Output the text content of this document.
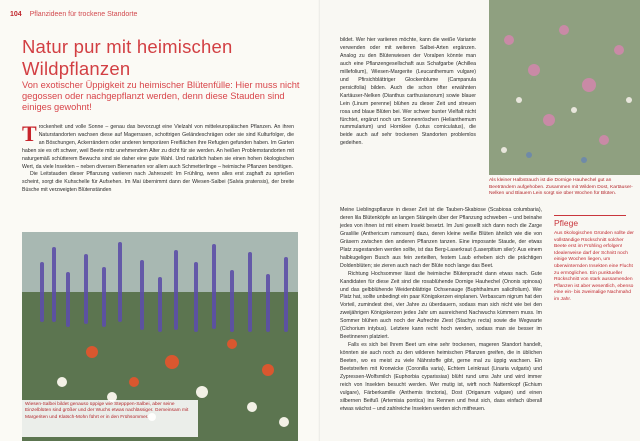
104 Pflanzideen für trockene Standorte
Natur pur mit heimischen
Wildpflanzen

Von exotischer Üppigkeit zu heimischer Blütenfülle: Hier muss nicht gegossen oder nachgepflanzt werden, denn diese Stauden sind einiges gewohnt!

Trockenheit und volle Sonne – genau das bevorzugt eine Vielzahl von mitteleuropäischen Pflanzen. An ihren Naturstandorten wachsen diese auf Magerrasen, schottrigen Geländeschrägen oder sie sind Kulturfolger, die an Böschungen, Ackerrändern oder anderen temporären Freiflächen ihre Refugien gefunden haben. Im Garten haben sie es oft schwer, weil Beete mitz unehmendem Alter zu dicht für sie werden. An heißen Problemstandorten mit naturgemäß schütterem Bewuchs sind sie daher eine gute Wahl. Und natürlich haben sie einen hohen ökologischen Wert, da viele Insekten – neben diversen Bienenarten vor allem auch Schmetterlinge – heimische Pflanzen benötigen.

Die Leitstauden dieser Pflanzung variieren nach Jahreszeit: Im Frühling, wenn alles erst zaghaft zu sprießen scheint, sorgt die Kuhschelle für Aufsehen. Im Mai übernimmt dann der Wiesen-Salbei (Salvia pratensis), der breite Büsche mit verzweigten Blütenständen

Wiesen-Salbei bildet genauso üppige wie Stepppen-Salbei, aber seine Einzelblüten sind größer und der Wuchs etwas nachlässiger. Gemeinsam mit Margeriten und Klatsch-Mohn führt er in den Frühsommer.

bildet. Wer hier variieren möchte, kann die weiße Variante verwenden oder mit weiteren Salbei-Arten ergänzen. Analog zu den Blütenwiesen der Voralpen könnte man auch eine Pflanzengesellschaft aus Schafgarbe (Achillea millefolium), Wiesen-Margerite (Leucanthemum vulgare) und Pfirsichblättriger Glockenblume (Campanula persicifolia) bilden. Auch die schon öfter erwähnten Kartäuser-Nelken (Dianthus carthusianorum) sowie blauer Lein (Linum perenne) blühen zu dieser Zeit und streuen rosa und blaue Blüten bei. Wer schwer bunter Vielfalt nicht fürchtet, ergänzt noch um Sonnenröschen (Helianthemum nummularium) und Hornklee (Lotus corniculatus), die beide auch auf sehr trockenen Standorten problemlos gedeihen.

Als kleiner Halbstrauch ist die Dornige Hauhechel gut an Beeträndern aufgehoben. Zusammen mit Wildem Dost, Kartäuser-Nelken und Blauem Lein sorgt sie über Wochen für Blüten.

Meine Lieblingspflanze in dieser Zeit ist die Tauben-Skabiose (Scabiosa columbaria), deren lila Blütenköpfe an langen Stängeln über der Pflanzung schweben – und beinahe jedes von ihnen ist mit einem Insekt besetzt. Im Juni gesellt sich dann noch die Zarge Graslilie (Anthericum ramosum) dazu, deren kleine weiße Blüten ähnlich wie die von Gräsern zwischen den anderen Pflanzen tanzen. Eine imposante Staude, der etwas Platz zugestanden werden sollte, ist das Berg-Laserkraut (Laserpitium siler): Aus einem halbkugeligen Busch aus fein zerteilten, festem Laub erheben sich die prächtigen Doldenblüten; sie zieren auch nach der Blüte noch lange das Beet.

Richtung Hochsommer lässt die heimische Blütenpracht dann etwas nach. Gute Kandidaten für diese Zeit sind die rosablühende Dornige Hauhechel (Ononis spinosa) und das gelbblühende Weidenblättrige Ochsenauge (Buphthalmum salicifolium). Wer Platz hat, sollte unbedingt ein paar Königskerzen einplanen. Verbascum nigrum hat den Vorteil, zumindest drei, vier Jahre zu überdauern, sodass man sich nicht wie bei den zweijährigen Königskerzen jedes Jahr um ausreichend Nachwuchs kümmern muss. Im Sommer blühen auch noch der Aufrechte Ziest (Stachys recta) sowie die Wegwarte (Cichorium intybus). Letztere kann recht hoch werden, sodass man sie besser im Beetinneren platziert.

Falls es sich bei Ihrem Beet um eine sehr trockenen, mageren Standort handelt, könnten sie auch noch zu den wilderen heimischen Pflanzen greifen, die in üblichen Beeten, wo es meist zu viele Nährstoffe gibt, gerne mal zu üppig wachsen. Ein Beetstreifen mit Kronwicke (Coronilla varia), Echtem Leinkraut (Linaria vulgaris) und Zypressen-Wolfsmilch (Euphorbia cyparissias) blüht rund ums Jahr und wird immer reich von Insekten besucht werden. Wer mutig ist, wirft noch Natternkopf (Echium vulgare), Färberkamille (Anthemis tinctoria), Dost (Origanum vulgare) und einen silbernen Beifuß (Artemisia pontica) ins Rennen und freut sich, dass einfach überall etwas wächst – und zahlreiche Insekten werden sich mitfreuen.

Pflege

Aus ökologischen Gründen sollte der vollständige Rückschnitt solcher Beete erst im Frühling erfolgen! Idealerweise darf der Schnitt noch einige Wochen liegen, um überwinternden Insekten eine Flucht zu ermöglichen. Ein punktueller Rückschnitt von stark aussamenden Pflanzen ist aber wesentlich, ebenso eine ein- bis zweimalige Nachmahd im Jahr.
